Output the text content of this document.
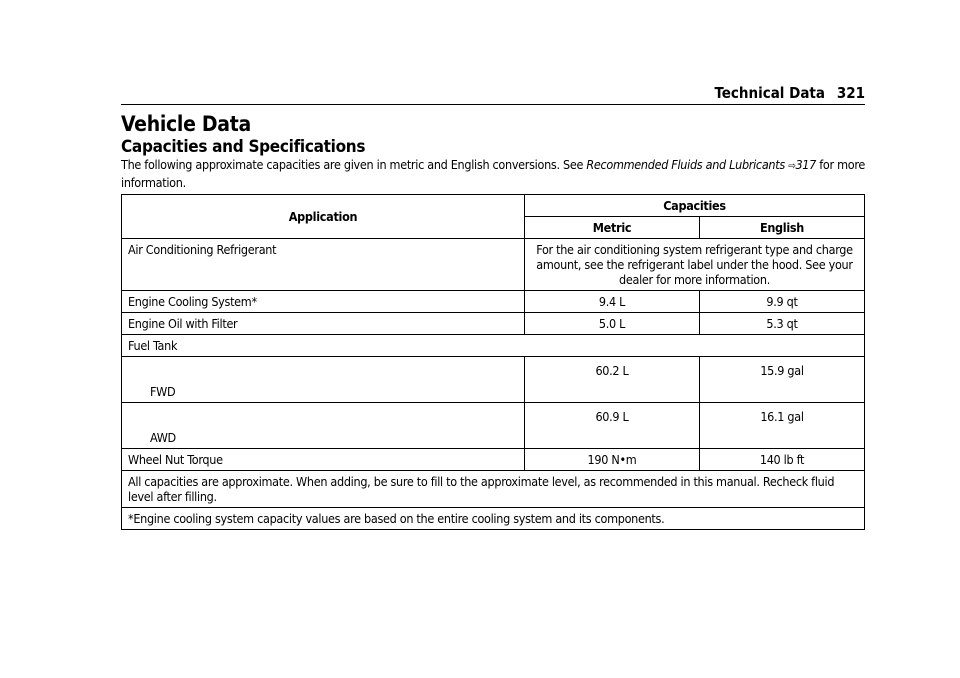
Technical Data 321
Vehicle Data
Capacities and Specifications
The following approximate capacities are given in metric and English conversions. See Recommended Fluids and Lubricants ⇨317 for more information.
Application	Capacities	
	Metric	English
Air Conditioning Refrigerant	For the air conditioning system refrigerant type and charge amount, see the refrigerant label under the hood. See your dealer for more information.	
Engine Cooling System*	9.4 L	9.9 qt
Engine Oil with Filter	5.0 L	5.3 qt
Fuel Tank		
FWD	60.2 L	15.9 gal
AWD	60.9 L	16.1 gal
Wheel Nut Torque	190 N•m	140 lb ft
All capacities are approximate. When adding, be sure to fill to the approximate level, as recommended in this manual. Recheck fluid level after filling.		
*Engine cooling system capacity values are based on the entire cooling system and its components.		
